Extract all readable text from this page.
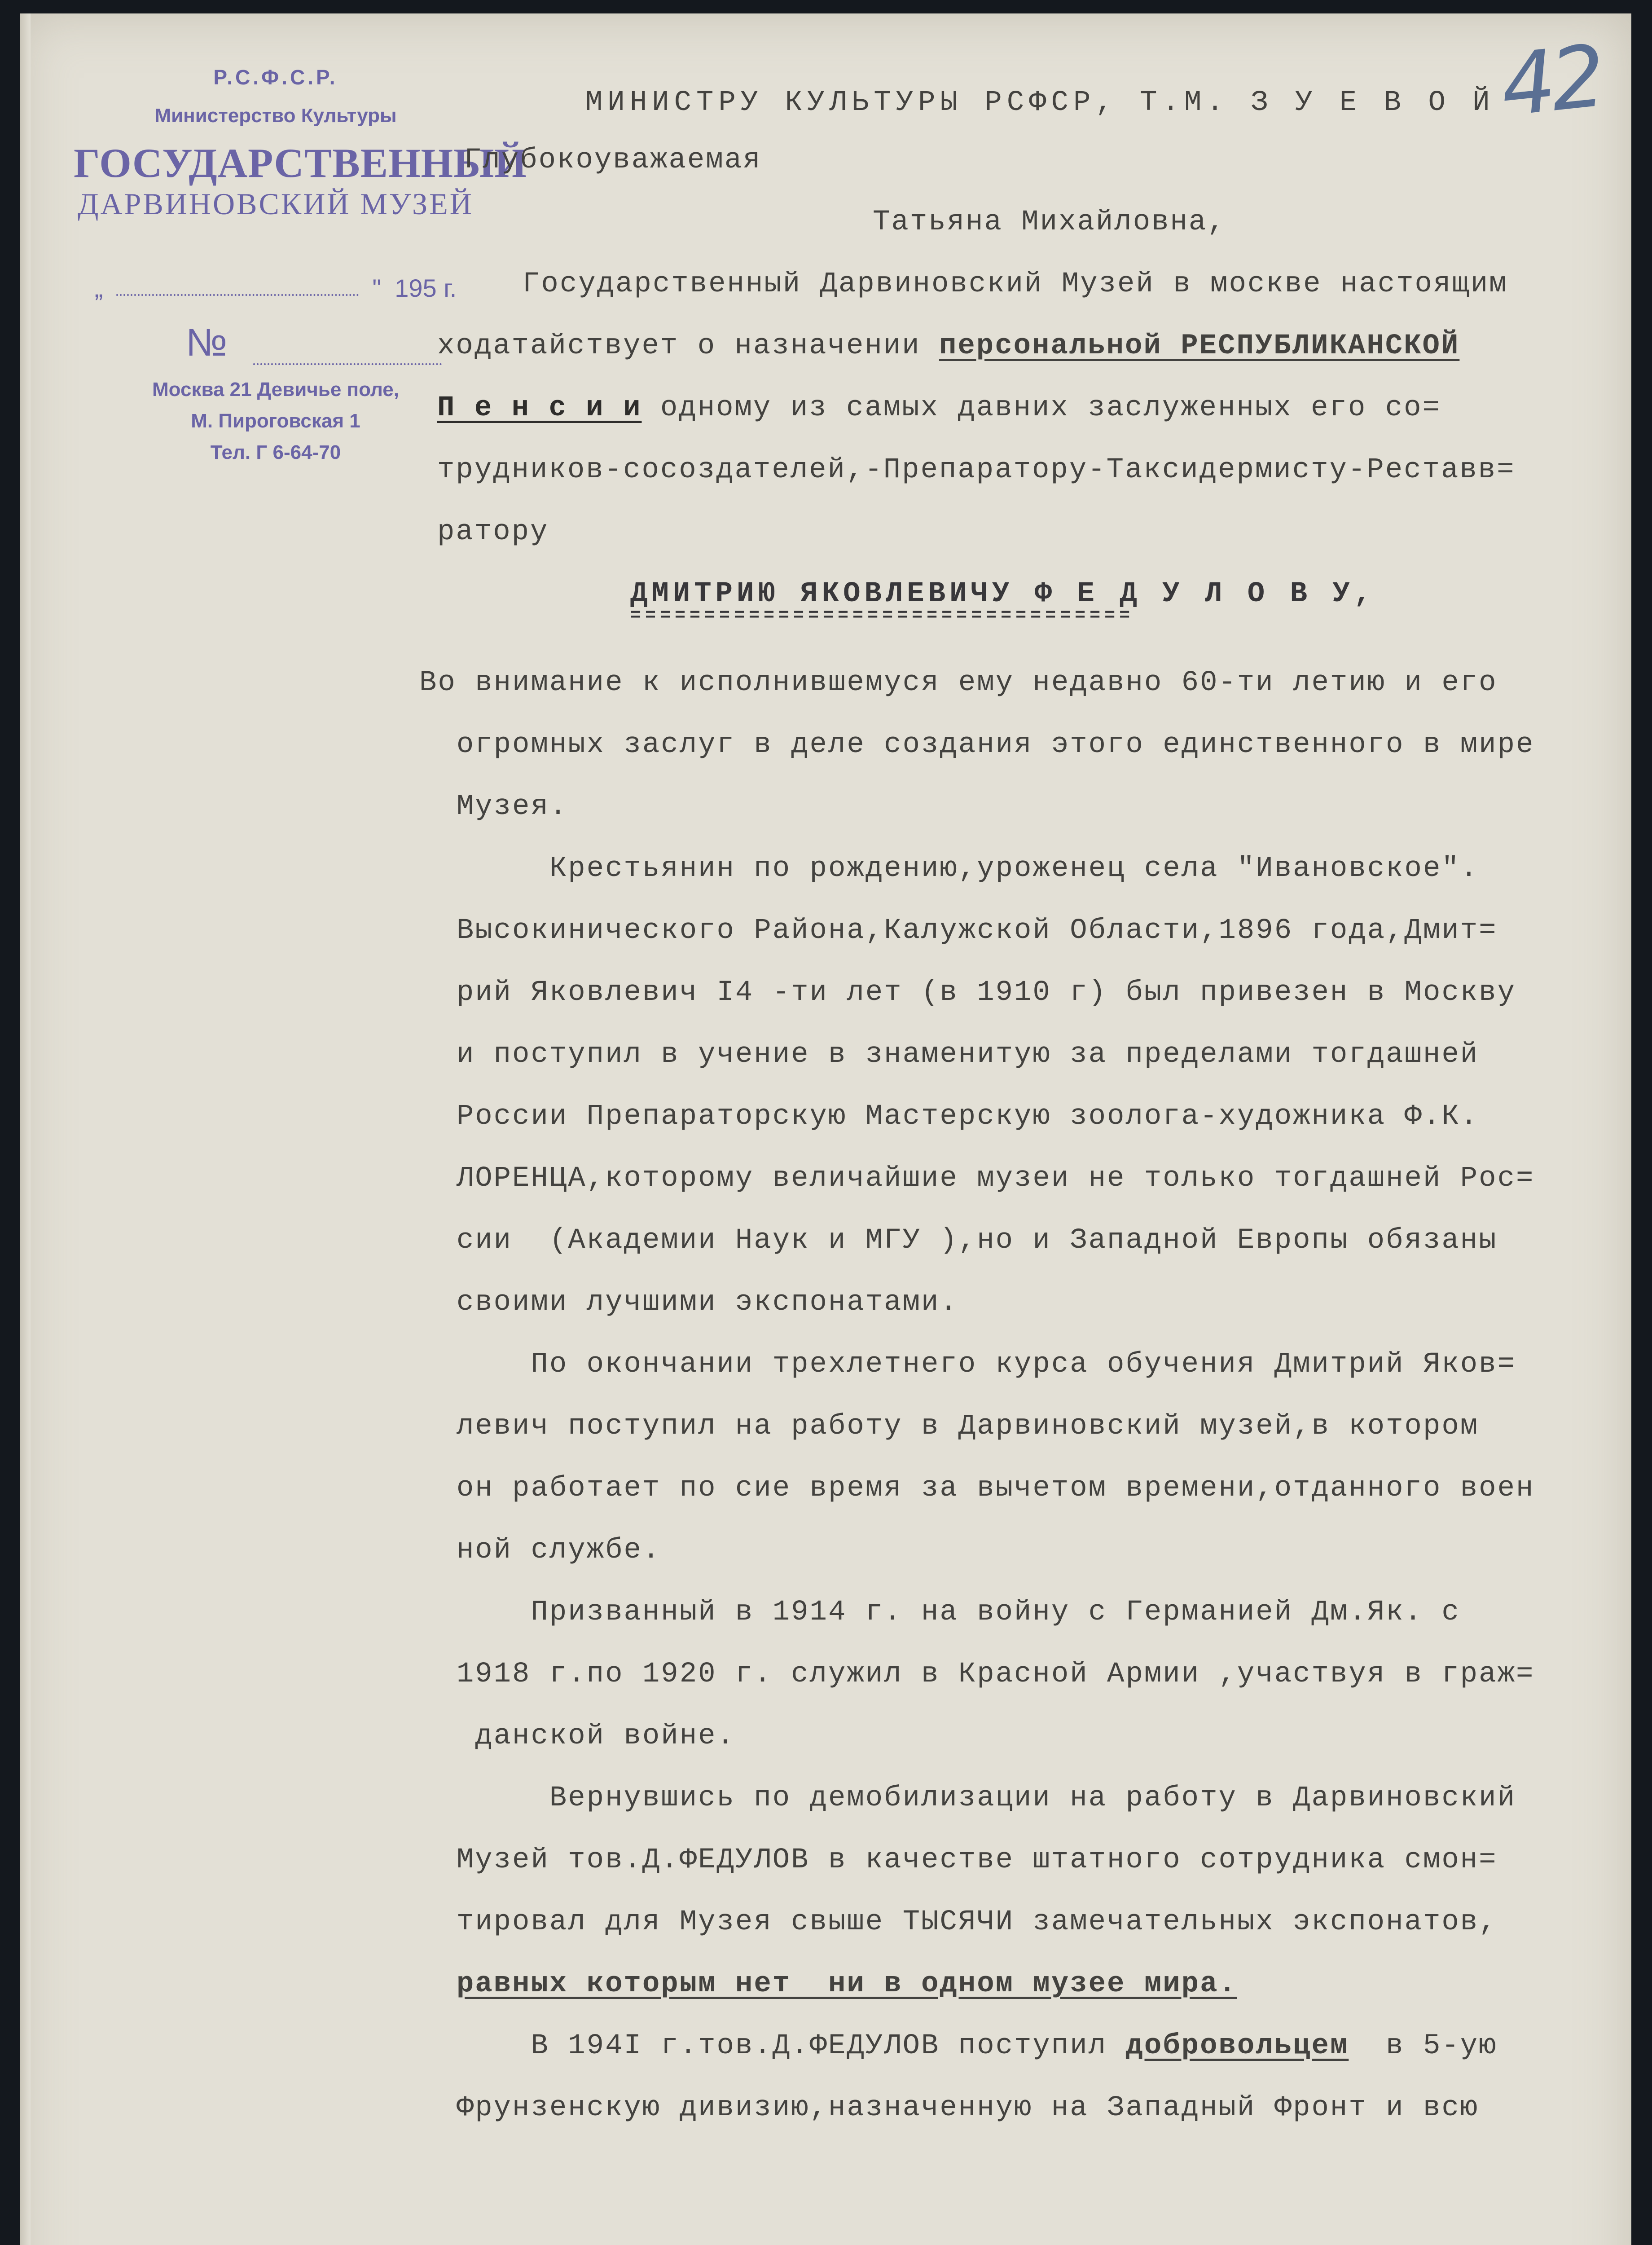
42
Р.С.Ф.С.Р.
Министерство Культуры
ГОСУДАРСТВЕННЫЙ
ДАРВИНОВСКИЙ МУЗЕЙ
„	" 195 г.
№
Москва 21 Девичье поле,
М. Пироговская 1
Тел. Г 6-64-70

МИНИСТРУ КУЛЬТУРЫ РСФСР, Т.М. З У Е В О Й

Глубокоуважаемая

Татьяна Михайловна,

Государственный Дарвиновский Музей в москве настоящим

ходатайствует о назначении персональной РЕСПУБЛИКАНСКОЙ

П е н с и и одному из самых давних заслуженных его со=

трудников-сосоздателей,-Препаратору-Таксидермисту-Реставв=

ратору

ДМИТРИЮ ЯКОВЛЕВИЧУ Ф Е Д У Л О В У,

==================================

Во внимание к исполнившемуся ему недавно 60-ти летию и его

огромных заслуг в деле создания этого единственного в мире

Музея.

Крестьянин по рождению,уроженец села "Ивановское".

Высокиничеcкого Района,Калужской Области,1896 года,Дмит=

рий Яковлевич I4 -ти лет (в 1910 г) был привезен в Москву

и поступил в учение в знаменитую за пределами тогдашней

России Препараторскую Мастерскую зоолога-художника Ф.К.

ЛОРЕНЦА,которому величайшие музеи не только тогдашней Рос=

сии  (Академии Наук и МГУ ),но и Западной Европы обязаны

своими лучшими экспонатами.

По окончании трехлетнего курса обучения Дмитрий Яков=

левич поступил на работу в Дарвиновский музей,в котором

он работает по сие время за вычетом времени,отданного воен

ной службе.

Призванный в 1914 г. на войну с Германией Дм.Як. с

1918 г.по 1920 г. служил в Красной Армии ,участвуя в граж=

данской войне.

Вернувшись по демобилизации на работу в Дарвиновский

Музей тов.Д.ФЕДУЛОВ в качестве штатного сотрудника смон=

тировал для Музея свыше ТЫСЯЧИ замечательных экспонатов,

равных которым нет  ни в одном музее мира.

В 194I г.тов.Д.ФЕДУЛОВ поступил добровольцем  в 5-ую

Фрунзенскую дивизию,назначенную на Западный Фронт и всю
